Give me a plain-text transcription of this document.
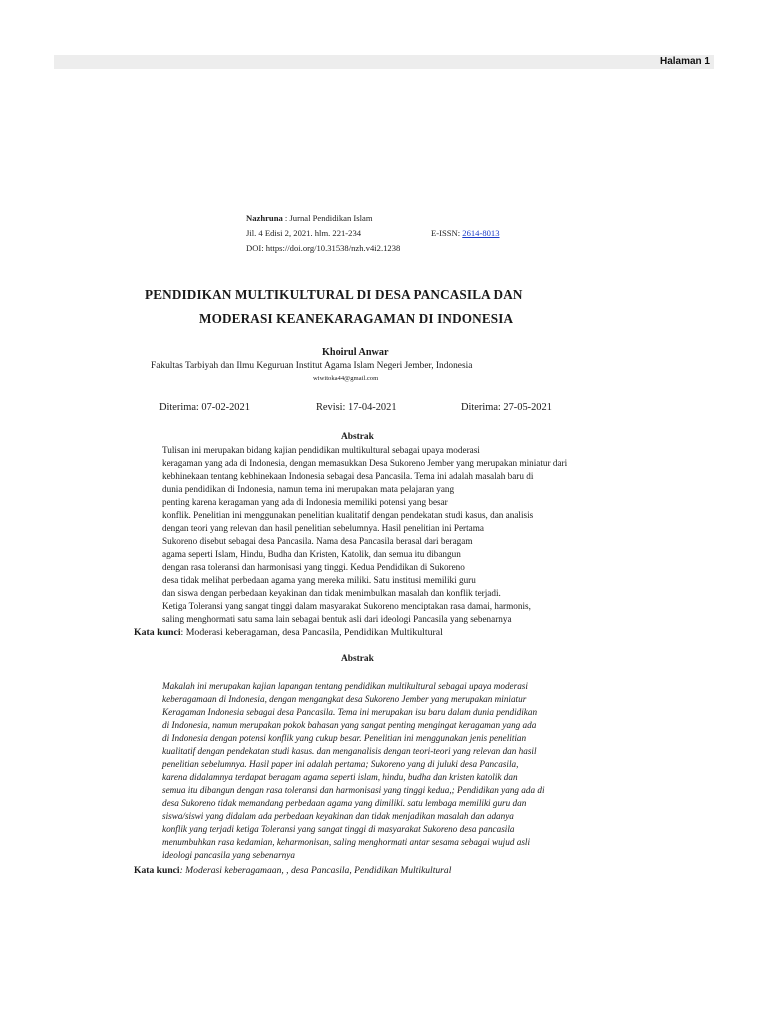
Halaman 1
Nazhruna : Jurnal Pendidikan Islam
Jil. 4 Edisi 2, 2021. hlm. 221-234	E-ISSN: 2614-8013
DOI: https://doi.org/10.31538/nzh.v4i2.1238
PENDIDIKAN MULTIKULTURAL DI DESA PANCASILA DAN
MODERASI KEANEKARAGAMAN DI INDONESIA
Khoirul Anwar
Fakultas Tarbiyah dan Ilmu Keguruan Institut Agama Islam Negeri Jember, Indonesia
wiwitoka44@gmail.com
Diterima: 07-02-2021	Revisi: 17-04-2021	Diterima: 27-05-2021
Abstrak
Tulisan ini merupakan bidang kajian pendidikan multikultural sebagai upaya moderasi
keragaman yang ada di Indonesia, dengan memasukkan Desa Sukoreno Jember yang merupakan miniatur dari
kebhinekaan tentang kebhinekaan Indonesia sebagai desa Pancasila. Tema ini adalah masalah baru di
dunia pendidikan di Indonesia, namun tema ini merupakan mata pelajaran yang
penting karena keragaman yang ada di Indonesia memiliki potensi yang besar
konflik. Penelitian ini menggunakan penelitian kualitatif dengan pendekatan studi kasus, dan analisis
dengan teori yang relevan dan hasil penelitian sebelumnya. Hasil penelitian ini Pertama
Sukoreno disebut sebagai desa Pancasila. Nama desa Pancasila berasal dari beragam
agama seperti Islam, Hindu, Budha dan Kristen, Katolik, dan semua itu dibangun
dengan rasa toleransi dan harmonisasi yang tinggi. Kedua Pendidikan di Sukoreno
desa tidak melihat perbedaan agama yang mereka miliki. Satu institusi memiliki guru
dan siswa dengan perbedaan keyakinan dan tidak menimbulkan masalah dan konflik terjadi.
Ketiga Toleransi yang sangat tinggi dalam masyarakat Sukoreno menciptakan rasa damai, harmonis,
saling menghormati satu sama lain sebagai bentuk asli dari ideologi Pancasila yang sebenarnya
Kata kunci: Moderasi keberagaman, desa Pancasila, Pendidikan Multikultural
Abstrak
Makalah ini merupakan kajian lapangan tentang pendidikan multikultural sebagai upaya moderasi
keberagamaan di Indonesia, dengan mengangkat desa Sukoreno Jember yang merupakan miniatur
Keragaman Indonesia sebagai desa Pancasila. Tema ini merupakan isu baru dalam dunia pendidikan
di Indonesia, namun merupakan pokok bahasan yang sangat penting mengingat keragaman yang ada
di Indonesia dengan potensi konflik yang cukup besar. Penelitian ini menggunakan jenis penelitian
kualitatif dengan pendekatan studi kasus. dan menganalisis dengan teori-teori yang relevan dan hasil
penelitian sebelumnya. Hasil paper ini adalah pertama; Sukoreno yang di juluki desa Pancasila,
karena didalamnya terdapat beragam agama seperti islam, hindu, budha dan kristen katolik dan
semua itu dibangun dengan rasa toleransi dan harmonisasi yang tinggi kedua,; Pendidikan yang ada di
desa Sukoreno tidak memandang perbedaan agama yang dimiliki. satu lembaga memiliki guru dan
siswa/siswi yang didalam ada perbedaan keyakinan dan tidak menjadikan masalah dan adanya
konflik yang terjadi ketiga Toleransi yang sangat tinggi di masyarakat Sukoreno desa pancasila
menumbuhkan rasa kedamian, keharmonisan, saling menghormati antar sesama sebagai wujud asli
ideologi pancasila yang sebenarnya
Kata kunci: Moderasi keberagamaan, , desa Pancasila, Pendidikan Multikultural
